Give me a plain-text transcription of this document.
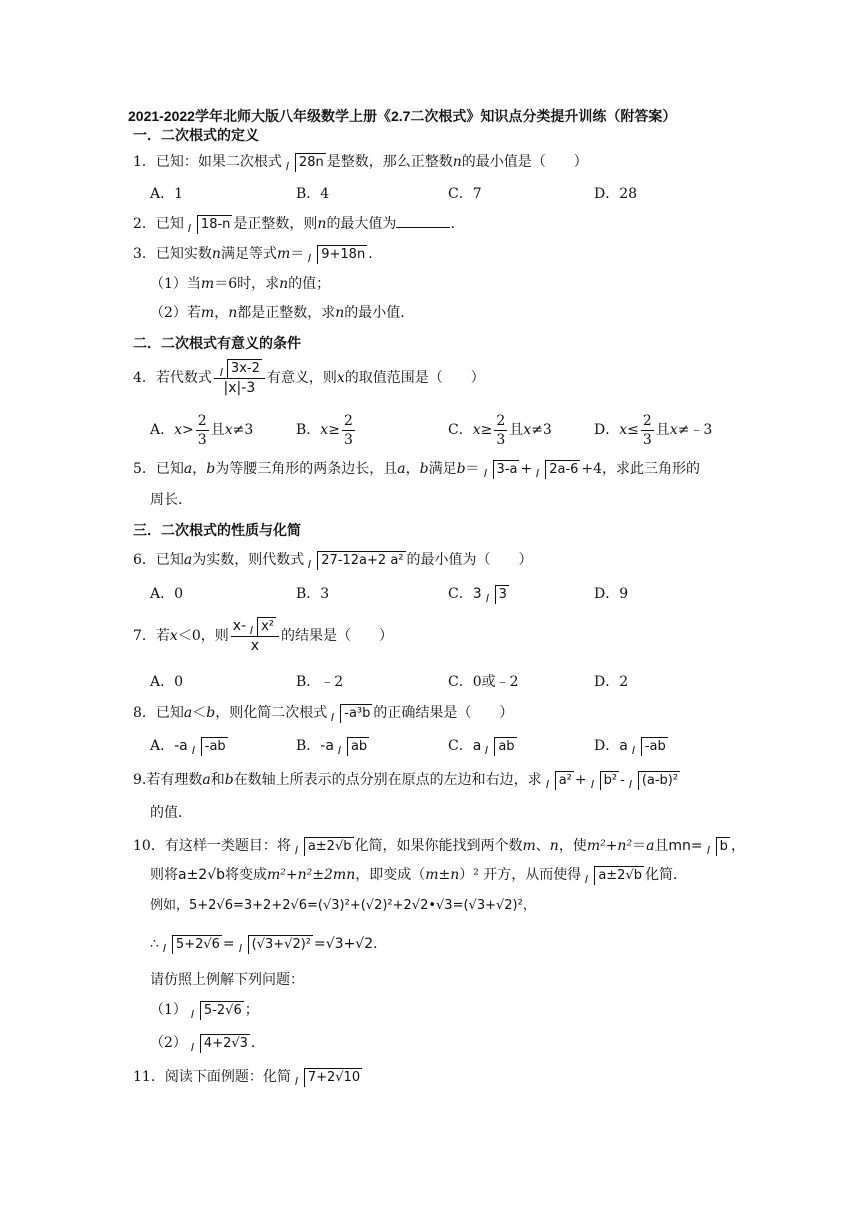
2021-2022学年北师大版八年级数学上册《2.7二次根式》知识点分类提升训练（附答案）
一．二次根式的定义
1．已知：如果二次根式 28n 是整数，那么正整数n的最小值是（　　）
A．1	B．4	C．7	D．28
2．已知 18-n 是正整数，则n的最大值为	．
3．已知实数n满足等式m＝ 9+18n ．
（1）当m＝6时，求n的值；
（2）若m，n都是正整数，求n的最小值．
二．二次根式有意义的条件
4．若代数式 $\frac{3x-2}{|x|-3}$ 有意义，则x的取值范围是（　　）
A．$x> \frac{2}{3}$ 且x≠3	B．$x\ge \frac{2}{3}$	C．$x\ge \frac{2}{3}$ 且x≠3	D．$x\le \frac{2}{3}$ 且x≠﹣3
5．已知a，b为等腰三角形的两条边长，且a，b满足b＝ 3-a + 2a-6 +4，求此三角形的
周长．
三．二次根式的性质与化简
6．已知a为实数，则代数式 27-12a+2 a² 的最小值为（　　）
A．0	B．3	C．3 3	D．9
7．若x＜0，则 $\frac{\text{x- x²}}{x}$ 的结果是（　　）
A．0	B．﹣2	C．0或﹣2	D．2
8．已知a＜b，则化简二次根式 -a³b 的正确结果是（　　）
A．-a -ab	B．-a ab	C．a ab	D．a -ab
9.若有理数a和b在数轴上所表示的点分别在原点的左边和右边，求 a² + b² - (a-b)²
的值．
10．有这样一类题目：将 a±2√b 化简，如果你能找到两个数m、n，使m²+n²＝a且mn= b ，
则将a±2√b将变成m²+n²±2mn，即变成（m±n）² 开方，从而使得 a±2√b 化简．
例如，5+2√6=3+2+2√6=(√3)²+(√2)²+2√2•√3=(√3+√2)²，
∴ 5+2√6 = (√3+√2)² =√3+√2．
请仿照上例解下列问题：
（1） 5-2√6 ；
（2） 4+2√3 ．
11．阅读下面例题：化简 7+2√10
